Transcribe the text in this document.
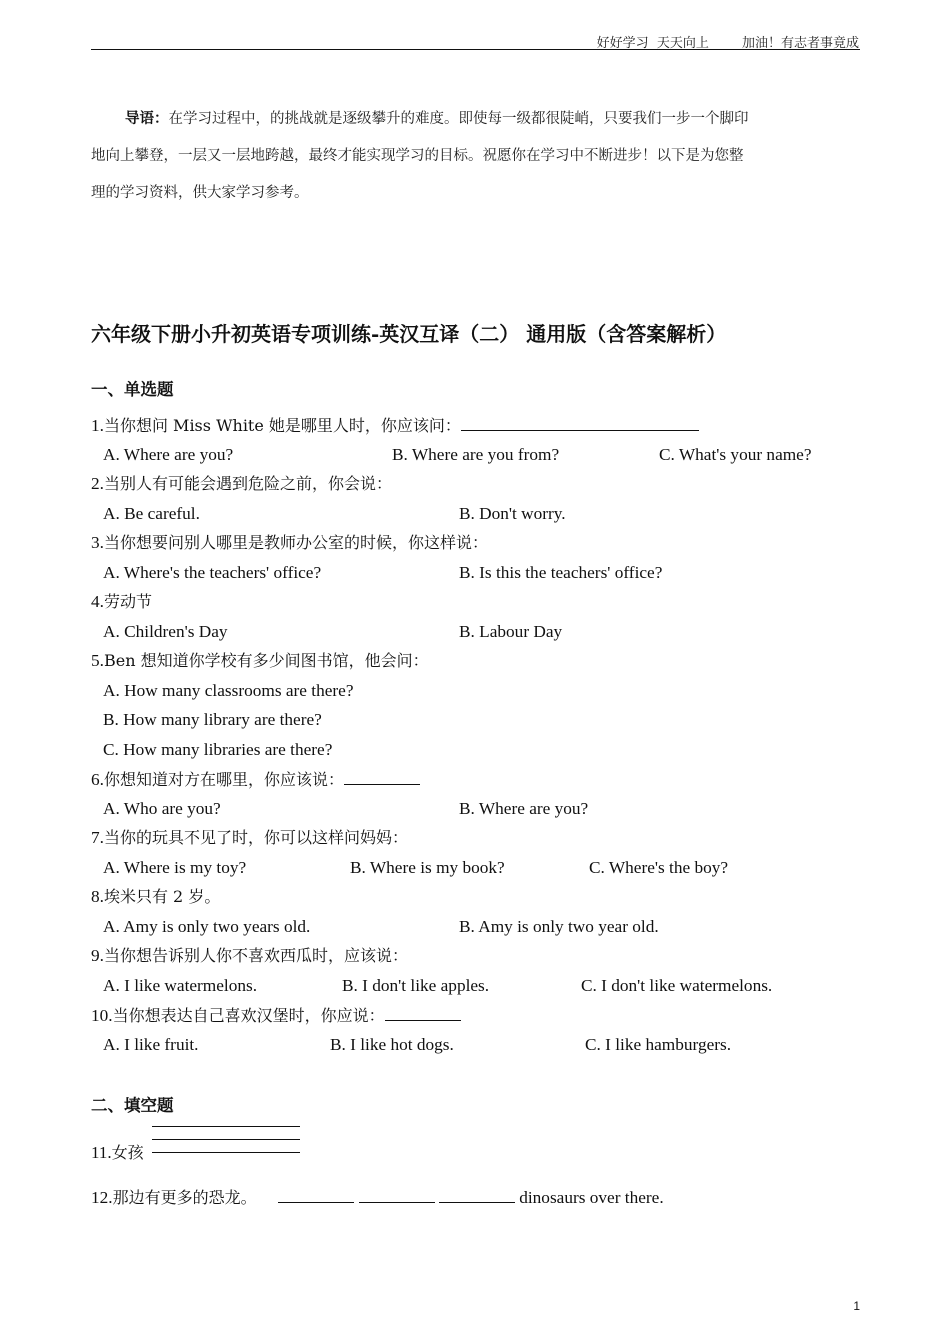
好好学习  天天向上	加油！有志者事竟成
导语：在学习过程中，的挑战就是逐级攀升的难度。即使每一级都很陡峭，只要我们一步一个脚印
地向上攀登，一层又一层地跨越，最终才能实现学习的目标。祝愿你在学习中不断进步！以下是为您整
理的学习资料，供大家学习参考。
六年级下册小升初英语专项训练-英汉互译（二） 通用版（含答案解析）
一、单选题
1.当你想问 Miss White 她是哪里人时，你应该问：
A. Where are you?	B. Where are you from?	C. What's your name?
2.当别人有可能会遇到危险之前，你会说：
A. Be careful.	B. Don't worry.
3.当你想要问别人哪里是教师办公室的时候，你这样说：
A. Where's the teachers' office?	B. Is this the teachers' office?
4.劳动节
A. Children's Day	B. Labour Day
5.Ben 想知道你学校有多少间图书馆，他会问：
A. How many classrooms are there?
B. How many library are there?
C. How many libraries are there?
6.你想知道对方在哪里，你应该说：
A. Who are you?	B. Where are you?
7.当你的玩具不见了时，你可以这样问妈妈：
A. Where is my toy?	B. Where is my book?	C. Where's the boy?
8.埃米只有 2 岁。
A. Amy is only two years old.	B. Amy is only two year old.
9.当你想告诉别人你不喜欢西瓜时，应该说：
A. I like watermelons.	B. I don't like apples.	C. I don't like watermelons.
10.当你想表达自己喜欢汉堡时，你应说：
A. I like fruit.	B. I like hot dogs.	C. I like hamburgers.
二、填空题
11.女孩
12.那边有更多的恐龙。	dinosaurs over there.
1
